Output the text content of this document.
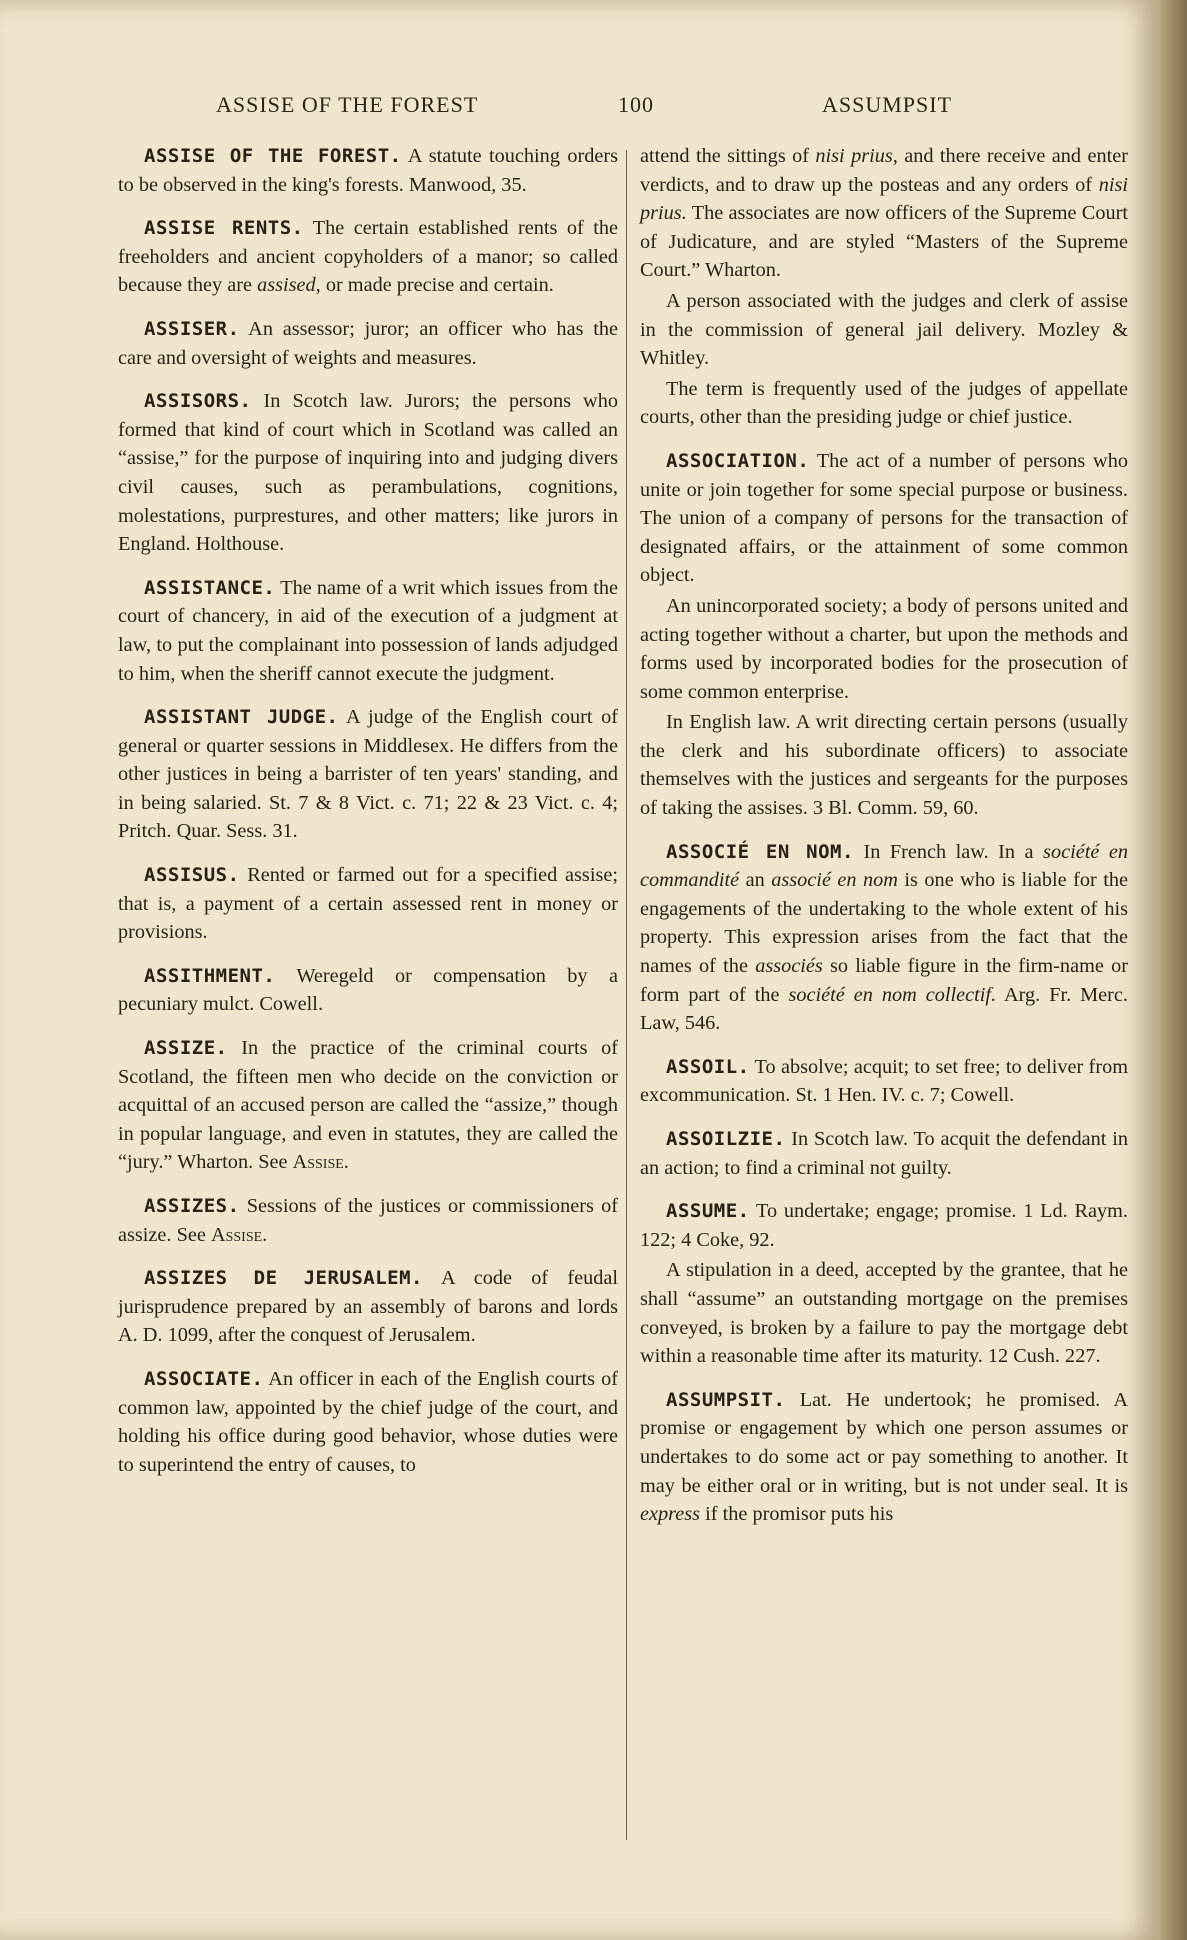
ASSISE OF THE FOREST	100	ASSUMPSIT

ASSISE OF THE FOREST. A statute touching orders to be observed in the king's forests. Manwood, 35.

ASSISE RENTS. The certain established rents of the freeholders and ancient copyholders of a manor; so called because they are assised, or made precise and certain.

ASSISER. An assessor; juror; an officer who has the care and oversight of weights and measures.

ASSISORS. In Scotch law. Jurors; the persons who formed that kind of court which in Scotland was called an “assise,” for the purpose of inquiring into and judging divers civil causes, such as perambulations, cognitions, molestations, purprestures, and other matters; like jurors in England. Holthouse.

ASSISTANCE. The name of a writ which issues from the court of chancery, in aid of the execution of a judgment at law, to put the complainant into possession of lands adjudged to him, when the sheriff cannot execute the judgment.

ASSISTANT JUDGE. A judge of the English court of general or quarter sessions in Middlesex. He differs from the other justices in being a barrister of ten years' standing, and in being salaried. St. 7 & 8 Vict. c. 71; 22 & 23 Vict. c. 4; Pritch. Quar. Sess. 31.

ASSISUS. Rented or farmed out for a specified assise; that is, a payment of a certain assessed rent in money or provisions.

ASSITHMENT. Weregeld or compensation by a pecuniary mulct. Cowell.

ASSIZE. In the practice of the criminal courts of Scotland, the fifteen men who decide on the conviction or acquittal of an accused person are called the “assize,” though in popular language, and even in statutes, they are called the “jury.” Wharton. See Assise.

ASSIZES. Sessions of the justices or commissioners of assize. See Assise.

ASSIZES DE JERUSALEM. A code of feudal jurisprudence prepared by an assembly of barons and lords A. D. 1099, after the conquest of Jerusalem.

ASSOCIATE. An officer in each of the English courts of common law, appointed by the chief judge of the court, and holding his office during good behavior, whose duties were to superintend the entry of causes, to

attend the sittings of nisi prius, and there receive and enter verdicts, and to draw up the posteas and any orders of nisi prius. The associates are now officers of the Supreme Court of Judicature, and are styled “Masters of the Supreme Court.” Wharton.

A person associated with the judges and clerk of assise in the commission of general jail delivery. Mozley & Whitley.

The term is frequently used of the judges of appellate courts, other than the presiding judge or chief justice.

ASSOCIATION. The act of a number of persons who unite or join together for some special purpose or business. The union of a company of persons for the transaction of designated affairs, or the attainment of some common object.

An unincorporated society; a body of persons united and acting together without a charter, but upon the methods and forms used by incorporated bodies for the prosecution of some common enterprise.

In English law. A writ directing certain persons (usually the clerk and his subordinate officers) to associate themselves with the justices and sergeants for the purposes of taking the assises. 3 Bl. Comm. 59, 60.

ASSOCIÉ EN NOM. In French law. In a société en commandité an associé en nom is one who is liable for the engagements of the undertaking to the whole extent of his property. This expression arises from the fact that the names of the associés so liable figure in the firm-name or form part of the société en nom collectif. Arg. Fr. Merc. Law, 546.

ASSOIL. To absolve; acquit; to set free; to deliver from excommunication. St. 1 Hen. IV. c. 7; Cowell.

ASSOILZIE. In Scotch law. To acquit the defendant in an action; to find a criminal not guilty.

ASSUME. To undertake; engage; promise. 1 Ld. Raym. 122; 4 Coke, 92.

A stipulation in a deed, accepted by the grantee, that he shall “assume” an outstanding mortgage on the premises conveyed, is broken by a failure to pay the mortgage debt within a reasonable time after its maturity. 12 Cush. 227.

ASSUMPSIT. Lat. He undertook; he promised. A promise or engagement by which one person assumes or undertakes to do some act or pay something to another. It may be either oral or in writing, but is not under seal. It is express if the promisor puts his
